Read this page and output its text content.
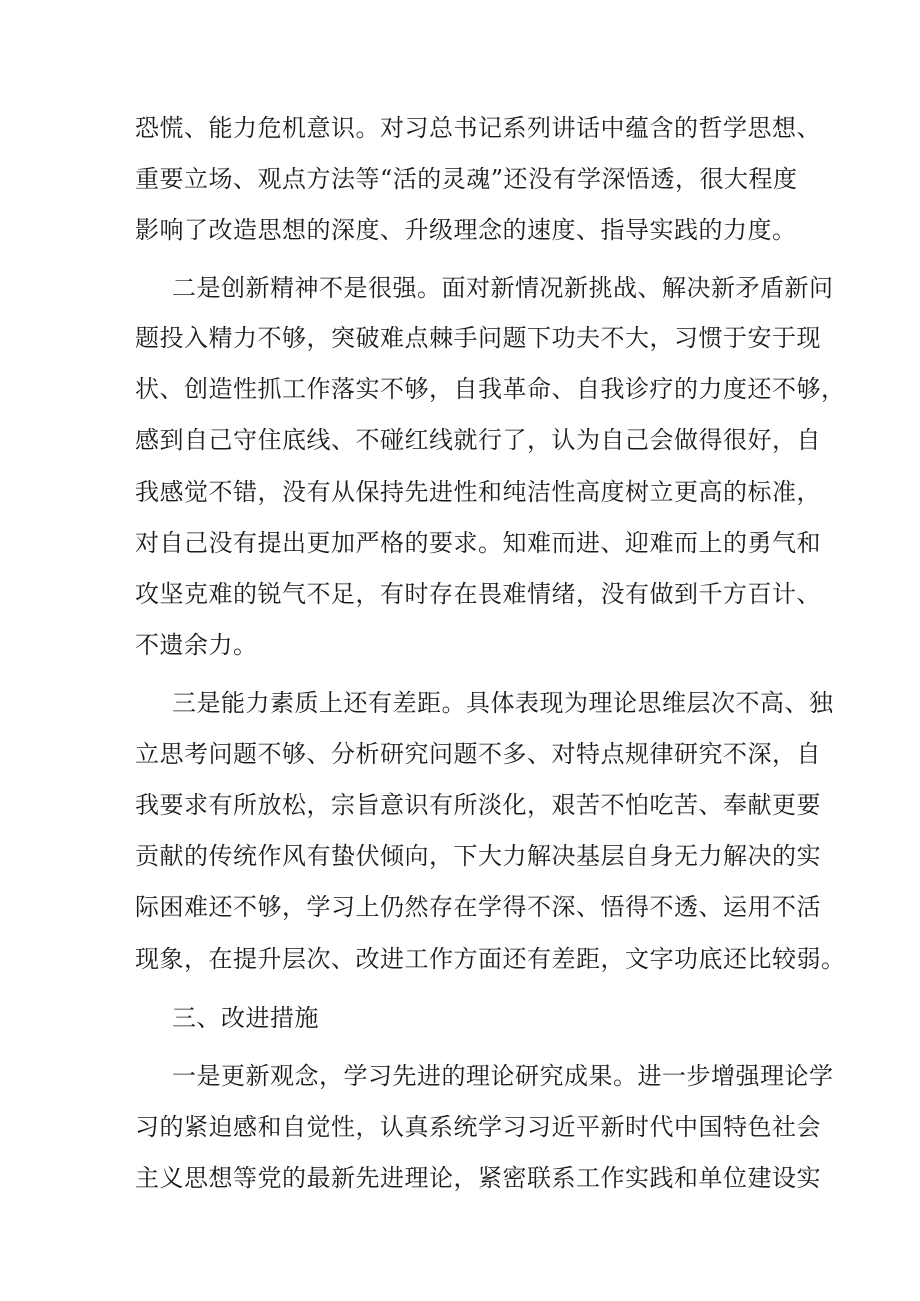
恐慌、能力危机意识。对习总书记系列讲话中蕴含的哲学思想、
重要立场、观点方法等“活的灵魂”还没有学深悟透，很大程度
影响了改造思想的深度、升级理念的速度、指导实践的力度。
二是创新精神不是很强。面对新情况新挑战、解决新矛盾新问
题投入精力不够，突破难点棘手问题下功夫不大，习惯于安于现
状、创造性抓工作落实不够，自我革命、自我诊疗的力度还不够，
感到自己守住底线、不碰红线就行了，认为自己会做得很好，自
我感觉不错，没有从保持先进性和纯洁性高度树立更高的标准，
对自己没有提出更加严格的要求。知难而进、迎难而上的勇气和
攻坚克难的锐气不足，有时存在畏难情绪，没有做到千方百计、
不遗余力。
三是能力素质上还有差距。具体表现为理论思维层次不高、独
立思考问题不够、分析研究问题不多、对特点规律研究不深，自
我要求有所放松，宗旨意识有所淡化，艰苦不怕吃苦、奉献更要
贡献的传统作风有蛰伏倾向，下大力解决基层自身无力解决的实
际困难还不够，学习上仍然存在学得不深、悟得不透、运用不活
现象，在提升层次、改进工作方面还有差距，文字功底还比较弱。
三、改进措施
一是更新观念，学习先进的理论研究成果。进一步增强理论学
习的紧迫感和自觉性，认真系统学习习近平新时代中国特色社会
主义思想等党的最新先进理论，紧密联系工作实践和单位建设实
